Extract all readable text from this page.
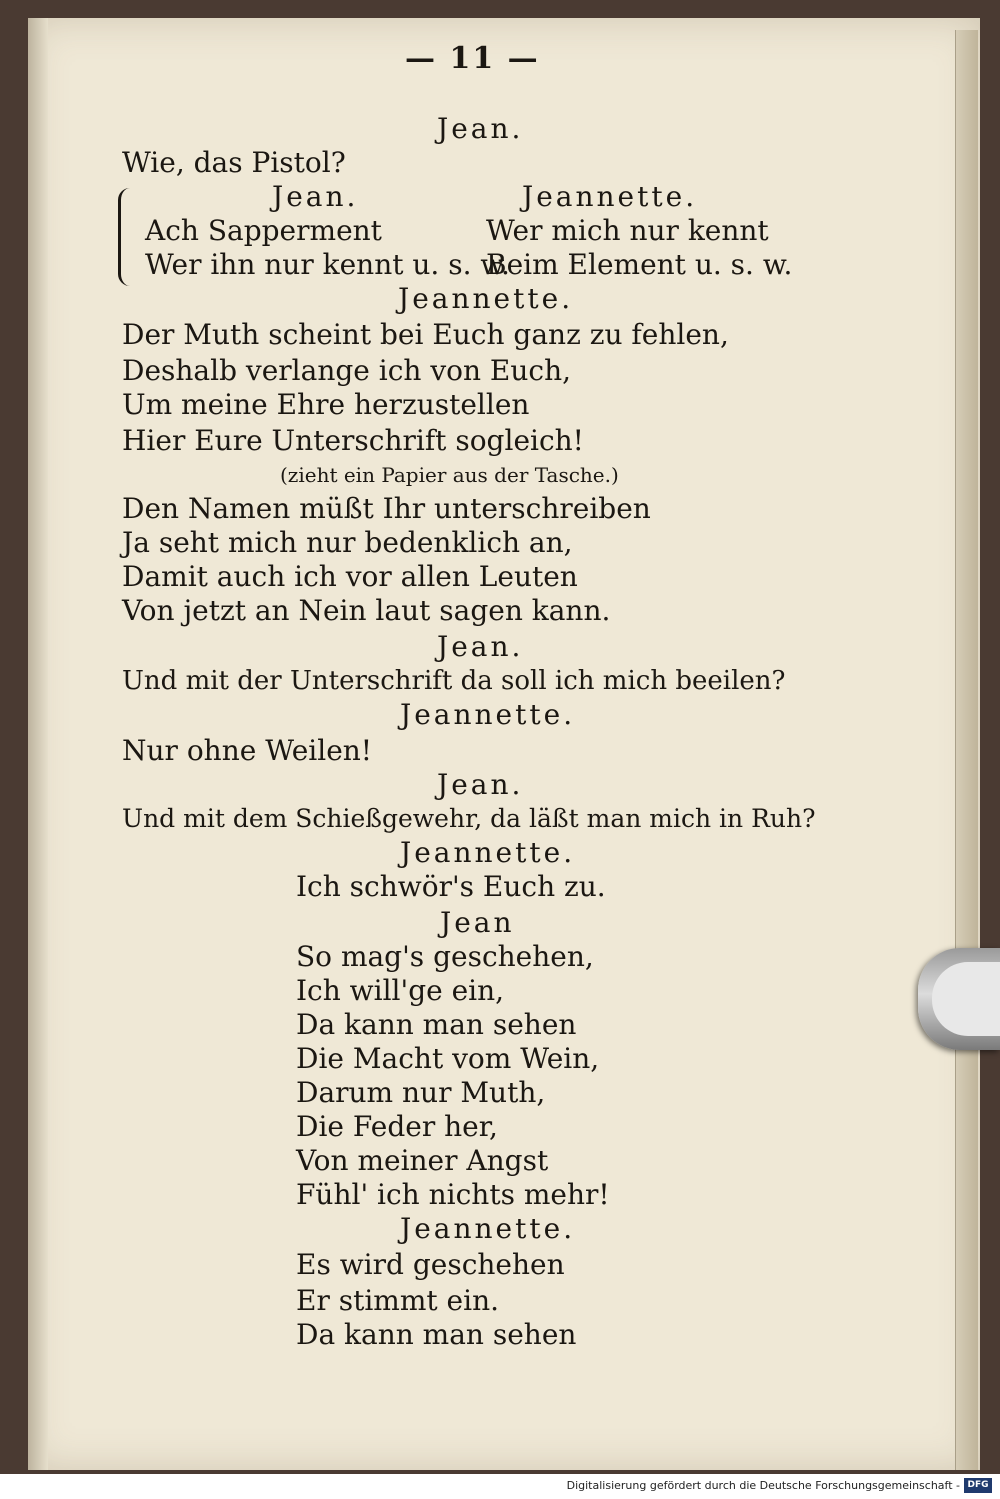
— 11 —
Jean.
Wie, das Pistol?
Jean.	Jeannette.
Ach Sapperment	Wer mich nur kennt
Wer ihn nur kennt u. s. w.
Beim Element u. s. w.
Jeannette.
Der Muth scheint bei Euch ganz zu fehlen,
Deshalb verlange ich von Euch,
Um meine Ehre herzustellen
Hier Eure Unterschrift sogleich!
(zieht ein Papier aus der Tasche.)
Den Namen müßt Ihr unterschreiben
Ja seht mich nur bedenklich an,
Damit auch ich vor allen Leuten
Von jetzt an Nein laut sagen kann.
Jean.
Und mit der Unterschrift da soll ich mich beeilen?
Jeannette.
Nur ohne Weilen!
Jean.
Und mit dem Schießgewehr, da läßt man mich in Ruh?
Jeannette.
Ich schwör's Euch zu.
Jean
So mag's geschehen,
Ich will'ge ein,
Da kann man sehen
Die Macht vom Wein,
Darum nur Muth,
Die Feder her,
Von meiner Angst
Fühl' ich nichts mehr!
Jeannette.
Es wird geschehen
Er stimmt ein.
Da kann man sehen
Digitalisierung gefördert durch die Deutsche Forschungsgemeinschaft - DFG
